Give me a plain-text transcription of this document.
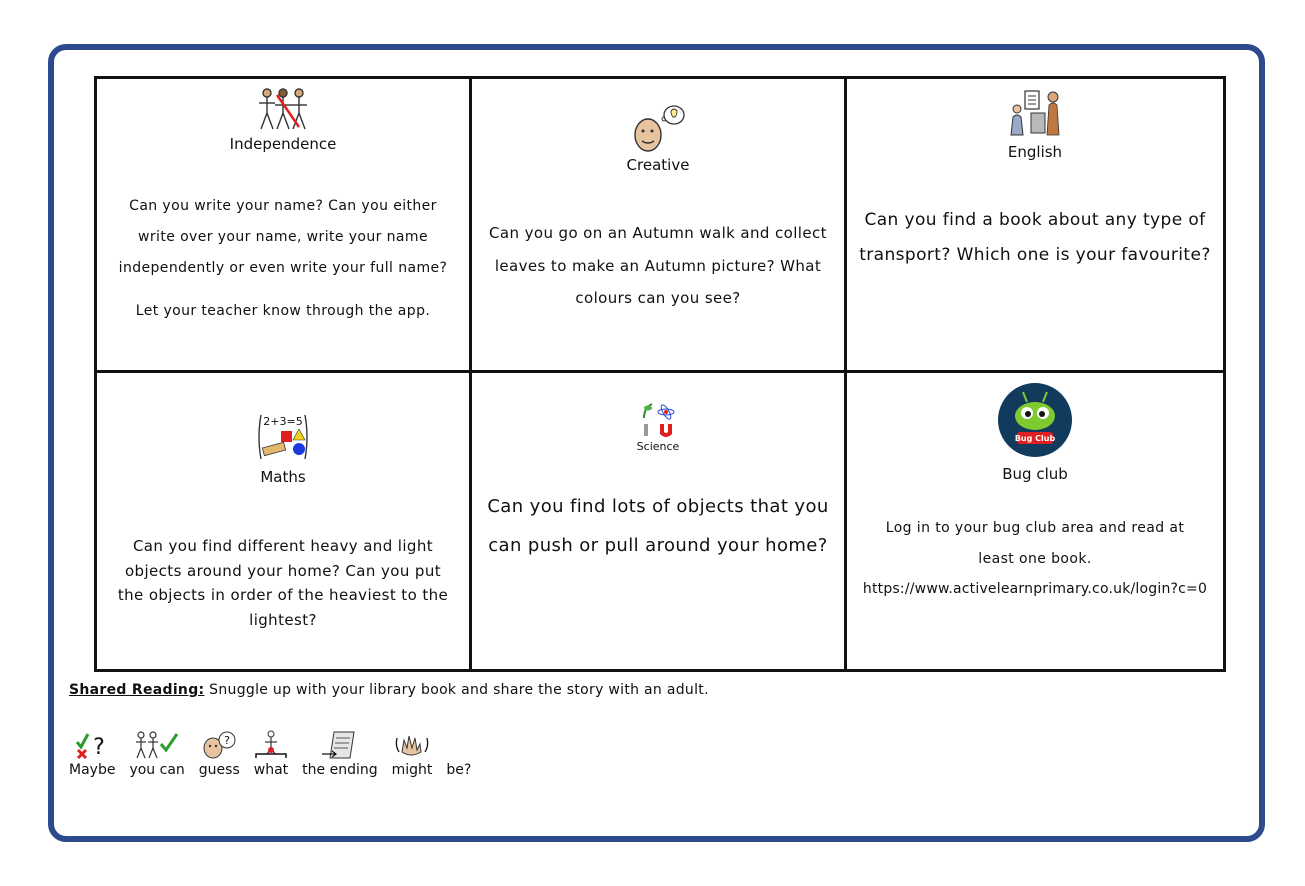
Independence
Can you write your name? Can you either
write over your name, write your name
independently or even write your full name?
Let your teacher know through the app.
Creative
Can you go on an Autumn walk and collect
leaves to make an Autumn picture? What
colours can you see?
English
Can you find a book about any type of
transport? Which one is your favourite?
2+3=5
Maths
Can you find different heavy and light
objects around your home? Can you put
the objects in order of the heaviest to the
lightest?
Science
Can you find lots of objects that you
can push or pull around your home?
Bug Club
Bug club
Log in to your bug club area and read at
least one book.
https://www.activelearnprimary.co.uk/login?c=0
Shared Reading: Snuggle up with your library book and share the story with an adult.
?
Maybe you can
?
guess what the ending might be?
